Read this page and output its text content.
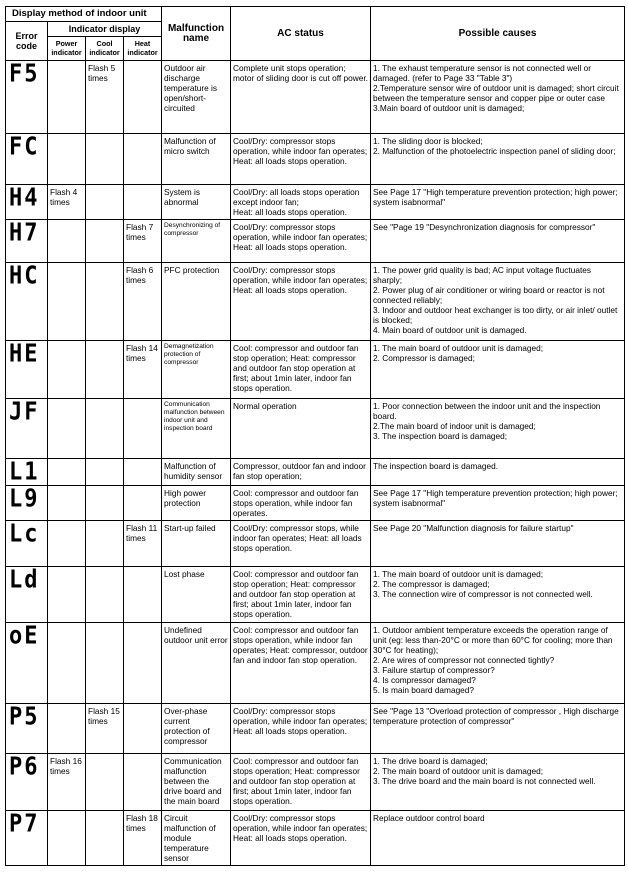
Display method of indoor unit				Malfunction name	AC status	Possible causes
Error code	Indicator display					
	Power indicator	Cool indicator	Heat indicator			
F5		Flash 5 times		Outdoor air discharge temperature is open/short-circuited	Complete unit stops operation; motor of sliding door is cut off power.	1. The exhaust temperature sensor is not connected well or damaged. (refer to Page 33 "Table 3")
2.Temperature sensor wire of outdoor unit is damaged; short circuit between the temperature sensor and copper pipe or outer case
3.Main board of outdoor unit is damaged;
FC				Malfunction of micro switch	Cool/Dry: compressor stops operation, while indoor fan operates;
Heat: all loads stops operation.	1. The sliding door is blocked;
2. Malfunction of the photoelectric inspection panel of sliding door;
H4	Flash 4 times			System is abnormal	Cool/Dry: all loads stops operation except indoor fan;
Heat: all loads stops operation.	See Page 17 "High temperature prevention protection; high power; system isabnormal"
H7			Flash 7 times	Desynchronizing of compressor	Cool/Dry: compressor stops operation, while indoor fan operates; Heat: all loads stops operation.	See "Page 19 "Desynchronization diagnosis for compressor"
HC			Flash 6 times	PFC protection	Cool/Dry: compressor stops operation, while indoor fan operates; Heat: all loads stops operation.	1. The power grid quality is bad; AC input voltage fluctuates sharply;
2. Power plug of air conditioner or wiring board or reactor is not connected reliably;
3. Indoor and outdoor heat exchanger is too dirty, or air inlet/ outlet is blocked;
4. Main board of outdoor unit is damaged.
HE			Flash 14 times	Demagnetization protection of compressor	Cool: compressor and outdoor fan stop operation; Heat: compressor and outdoor fan stop operation at first; about 1min later, indoor fan stops operation.	1. The main board of outdoor unit is damaged;
2. Compressor is damaged;
JF				Communication malfunction between indoor unit and inspection board	Normal operation	1. Poor connection between the indoor unit and the inspection board.
2.The main board of indoor unit is damaged;
3. The inspection board is damaged;
L1				Malfunction of humidity sensor	Compressor, outdoor fan and indoor fan stop operation;	The inspection board is damaged.
L9				High power protection	Cool: compressor and outdoor fan stops operation, while indoor fan operates.	See Page 17 "High temperature prevention protection; high power; system isabnormal"
Lc			Flash 11 times	Start-up failed	Cool/Dry: compressor stops, while indoor fan operates; Heat: all loads stops operation.	See Page 20 "Malfunction diagnosis for failure startup"
Ld				Lost phase	Cool: compressor and outdoor fan stop operation; Heat: compressor and outdoor fan stop operation at first; about 1min later, indoor fan stops operation.	1. The main board of outdoor unit is damaged;
2. The compressor is damaged;
3. The connection wire of compressor is not connected well.
oE				Undefined outdoor unit error	Cool: compressor and outdoor fan stops operation, while indoor fan operates; Heat: compressor, outdoor fan and indoor fan stop operation.	1. Outdoor ambient temperature exceeds the operation range of unit (eg: less than-20°C or more than 60°C for cooling; more than 30°C for heating);
2. Are wires of compressor not connected tightly?
3. Failure startup of compressor?
4. Is compressor damaged?
5. Is main board damaged?
P5		Flash 15 times		Over-phase current protection of compressor	Cool/Dry: compressor stops operation, while indoor fan operates; Heat: all loads stops operation.	See "Page 13 "Overload protection of compressor , High discharge temperature protection of compressor"
P6	Flash 16 times			Communication malfunction between the drive board and the main board	Cool: compressor and outdoor fan stops operation; Heat: compressor and outdoor fan stop operation at first; about 1min later, indoor fan stops operation.	1. The drive board is damaged;
2. The main board of outdoor unit is damaged;
3. The drive board and the main board is not connected well.
P7			Flash 18 times	Circuit malfunction of module temperature sensor	Cool/Dry: compressor stops operation, while indoor fan operates; Heat: all loads stops operation.	Replace outdoor control board
